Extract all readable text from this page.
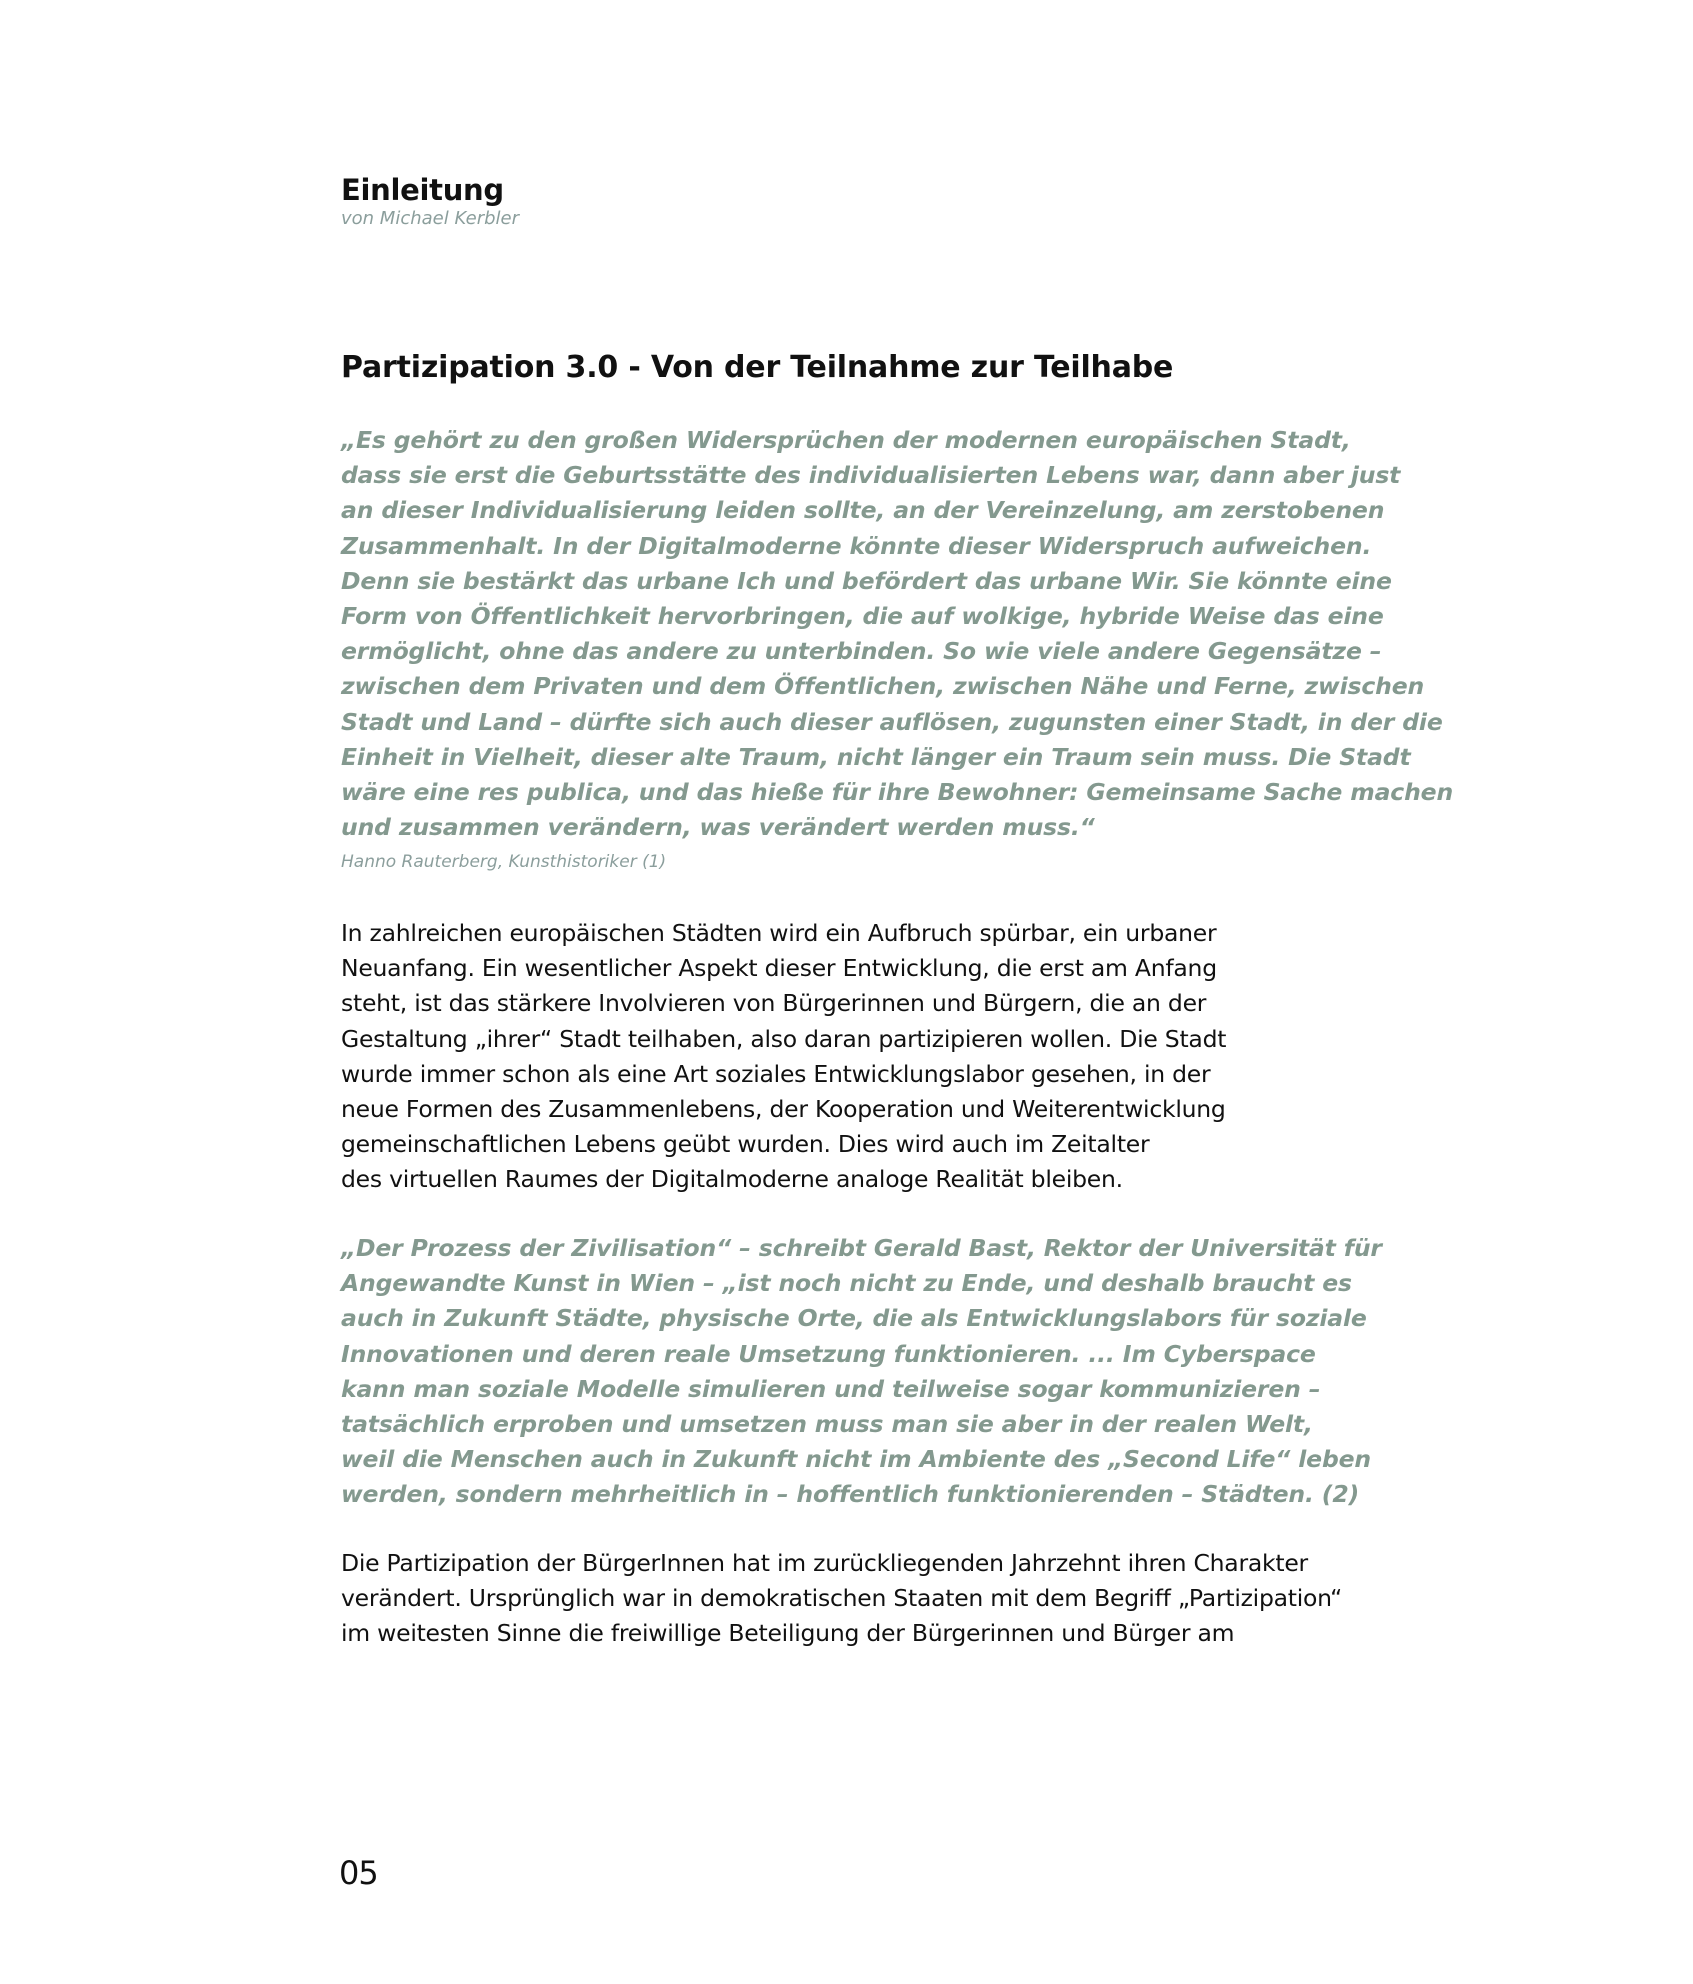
Einleitung
von Michael Kerbler
Partizipation 3.0 - Von der Teilnahme zur Teilhabe
„Es gehört zu den großen Widersprüchen der modernen europäischen Stadt,
dass sie erst die Geburtsstätte des individualisierten Lebens war, dann aber just
an dieser Individualisierung leiden sollte, an der Vereinzelung, am zerstobenen
Zusammenhalt. In der Digitalmoderne könnte dieser Widerspruch aufweichen.
Denn sie bestärkt das urbane Ich und befördert das urbane Wir. Sie könnte eine
Form von Öffentlichkeit hervorbringen, die auf wolkige, hybride Weise das eine
ermöglicht, ohne das andere zu unterbinden. So wie viele andere Gegensätze –
zwischen dem Privaten und dem Öffentlichen, zwischen Nähe und Ferne, zwischen
Stadt und Land – dürfte sich auch dieser auflösen, zugunsten einer Stadt, in der die
Einheit in Vielheit, dieser alte Traum, nicht länger ein Traum sein muss. Die Stadt
wäre eine res publica, und das hieße für ihre Bewohner: Gemeinsame Sache machen
und zusammen verändern, was verändert werden muss.“
Hanno Rauterberg, Kunsthistoriker (1)
In zahlreichen europäischen Städten wird ein Aufbruch spürbar, ein urbaner
Neuanfang. Ein wesentlicher Aspekt dieser Entwicklung, die erst am Anfang
steht, ist das stärkere Involvieren von Bürgerinnen und Bürgern, die an der
Gestaltung „ihrer“ Stadt teilhaben, also daran partizipieren wollen. Die Stadt
wurde immer schon als eine Art soziales Entwicklungslabor gesehen, in der
neue Formen des Zusammenlebens, der Kooperation und Weiterentwicklung
gemeinschaftlichen Lebens geübt wurden. Dies wird auch im Zeitalter
des virtuellen Raumes der Digitalmoderne analoge Realität bleiben.
„Der Prozess der Zivilisation“ – schreibt Gerald Bast, Rektor der Universität für
Angewandte Kunst in Wien – „ist noch nicht zu Ende, und deshalb braucht es
auch in Zukunft Städte, physische Orte, die als Entwicklungslabors für soziale
Innovationen und deren reale Umsetzung funktionieren. ... Im Cyberspace
kann man soziale Modelle simulieren und teilweise sogar kommunizieren –
tatsächlich erproben und umsetzen muss man sie aber in der realen Welt,
weil die Menschen auch in Zukunft nicht im Ambiente des „Second Life“ leben
werden, sondern mehrheitlich in – hoffentlich funktionierenden – Städten. (2)
Die Partizipation der BürgerInnen hat im zurückliegenden Jahrzehnt ihren Charakter
verändert. Ursprünglich war in demokratischen Staaten mit dem Begriff „Partizipation“
im weitesten Sinne die freiwillige Beteiligung der Bürgerinnen und Bürger am
05
